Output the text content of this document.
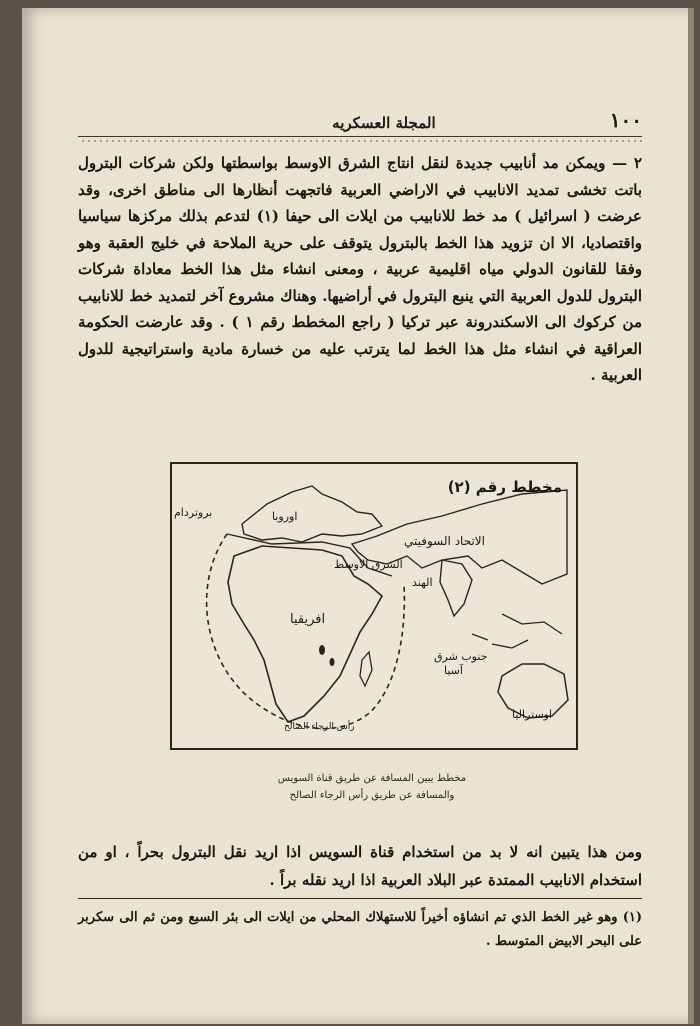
١٠٠
المجلة العسكريه
٢ — ويمكن مد أنابيب جديدة لنقل انتاج الشرق الاوسط بواسطتها ولكن شركات البترول باتت تخشى تمديد الانابيب في الاراضي العربية فاتجهت أنظارها الى مناطق اخرى، وقد عرضت ( اسرائيل ) مد خط للانابيب من ايلات الى حيفا (١) لتدعم بذلك مركزها سياسيا واقتصاديا، الا ان تزويد هذا الخط بالبترول يتوقف على حرية الملاحة في خليج العقبة وهو وفقا للقانون الدولي مياه اقليمية عربية ، ومعنى انشاء مثل هذا الخط معاداة شركات البترول للدول العربية التي ينبع البترول في أراضيها. وهناك مشروع آخر لتمديد خط للانابيب من كركوك الى الاسكندرونة عبر تركيا ( راجع المخطط رقم ١ ) . وقد عارضت الحكومة العراقية في انشاء مثل هذا الخط لما يترتب عليه من خسارة مادية واستراتيجية للدول العربية .
مخطط رقم (٢)
اوروبا
بروتردام
الاتحاد السوفيتي
الشرق الاوسط
الهند
افريقيا
جنوب شرق
آسيا
اوستراليا
رأس الرجاء الصالح
مخطط يبين المسافة عن طريق قناة السويس
والمسافة عن طريق رأس الرجاء الصالح
ومن هذا يتبين انه لا بد من استخدام قناة السويس اذا اريد نقل البترول بحراً ، او من استخدام الانابيب الممتدة عبر البلاد العربية اذا اريد نقله براً .
(١) وهو غير الخط الذي تم انشاؤه أخيراً للاستهلاك المحلي من ايلات الى بئر السبع ومن ثم الى سكربر على البحر الابيض المتوسط .
